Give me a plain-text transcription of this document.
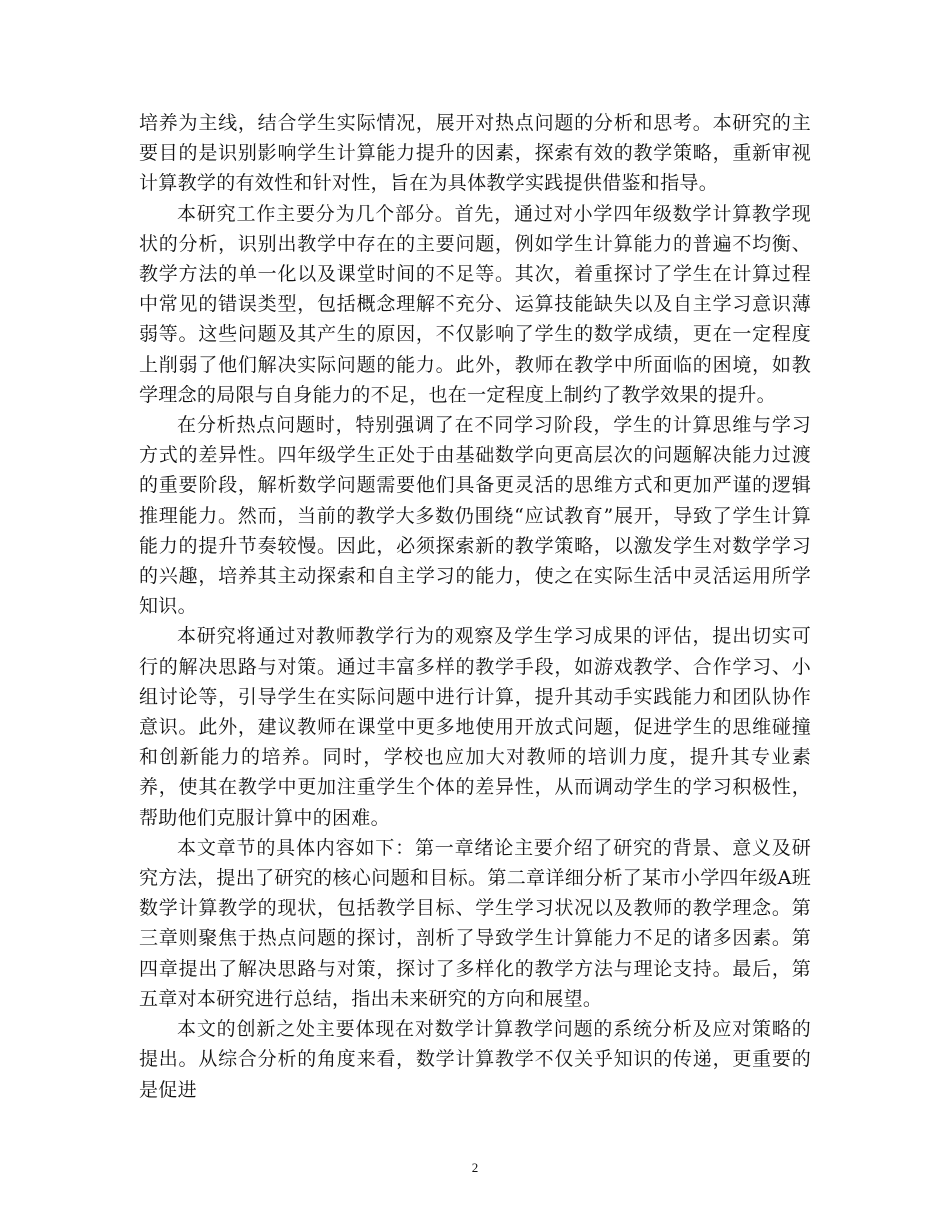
培养为主线，结合学生实际情况，展开对热点问题的分析和思考。本研究的主要目的是识别影响学生计算能力提升的因素，探索有效的教学策略，重新审视计算教学的有效性和针对性，旨在为具体教学实践提供借鉴和指导。

本研究工作主要分为几个部分。首先，通过对小学四年级数学计算教学现状的分析，识别出教学中存在的主要问题，例如学生计算能力的普遍不均衡、教学方法的单一化以及课堂时间的不足等。其次，着重探讨了学生在计算过程中常见的错误类型，包括概念理解不充分、运算技能缺失以及自主学习意识薄弱等。这些问题及其产生的原因，不仅影响了学生的数学成绩，更在一定程度上削弱了他们解决实际问题的能力。此外，教师在教学中所面临的困境，如教学理念的局限与自身能力的不足，也在一定程度上制约了教学效果的提升。

在分析热点问题时，特别强调了在不同学习阶段，学生的计算思维与学习方式的差异性。四年级学生正处于由基础数学向更高层次的问题解决能力过渡的重要阶段，解析数学问题需要他们具备更灵活的思维方式和更加严谨的逻辑推理能力。然而，当前的教学大多数仍围绕“应试教育”展开，导致了学生计算能力的提升节奏较慢。因此，必须探索新的教学策略，以激发学生对数学学习的兴趣，培养其主动探索和自主学习的能力，使之在实际生活中灵活运用所学知识。

本研究将通过对教师教学行为的观察及学生学习成果的评估，提出切实可行的解决思路与对策。通过丰富多样的教学手段，如游戏教学、合作学习、小组讨论等，引导学生在实际问题中进行计算，提升其动手实践能力和团队协作意识。此外，建议教师在课堂中更多地使用开放式问题，促进学生的思维碰撞和创新能力的培养。同时，学校也应加大对教师的培训力度，提升其专业素养，使其在教学中更加注重学生个体的差异性，从而调动学生的学习积极性，帮助他们克服计算中的困难。

本文章节的具体内容如下：第一章绪论主要介绍了研究的背景、意义及研究方法，提出了研究的核心问题和目标。第二章详细分析了某市小学四年级A班数学计算教学的现状，包括教学目标、学生学习状况以及教师的教学理念。第三章则聚焦于热点问题的探讨，剖析了导致学生计算能力不足的诸多因素。第四章提出了解决思路与对策，探讨了多样化的教学方法与理论支持。最后，第五章对本研究进行总结，指出未来研究的方向和展望。

本文的创新之处主要体现在对数学计算教学问题的系统分析及应对策略的提出。从综合分析的角度来看，数学计算教学不仅关乎知识的传递，更重要的是促进

2
